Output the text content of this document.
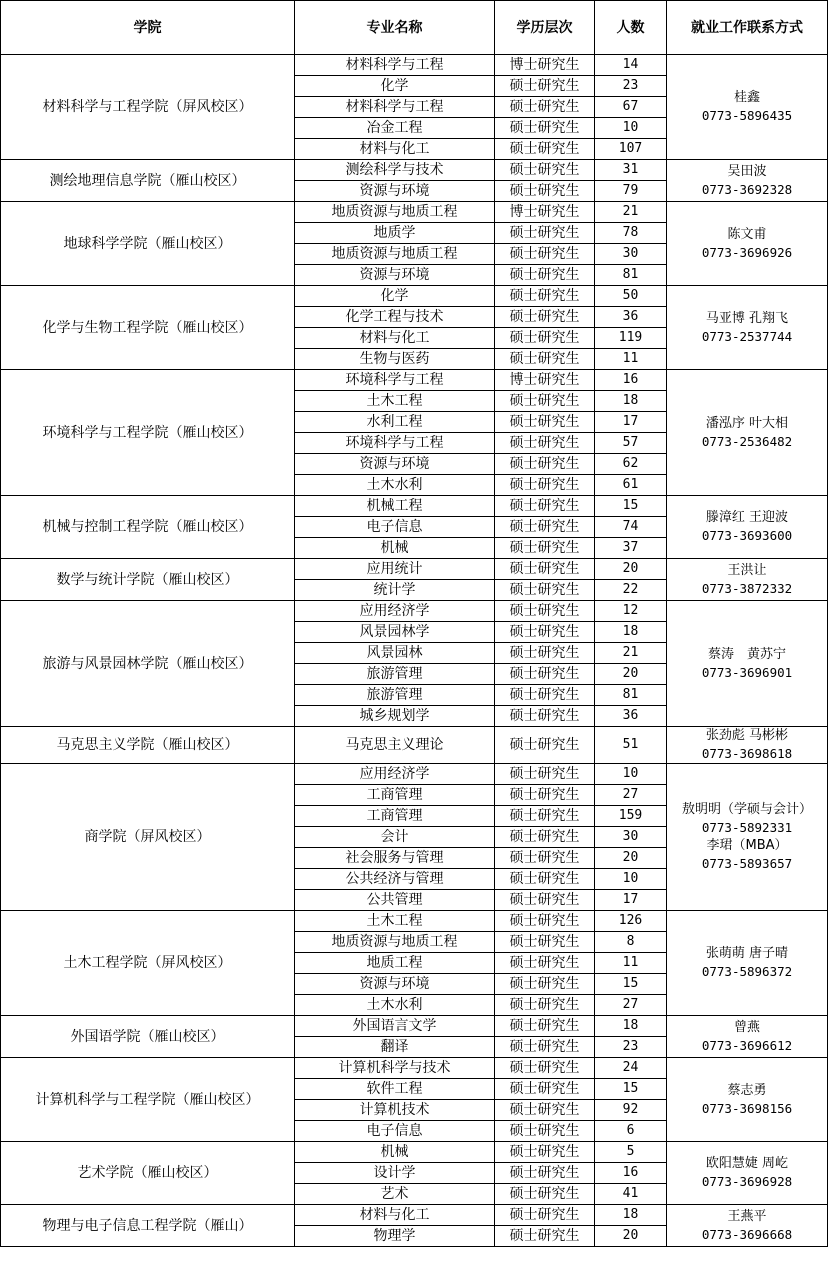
学院	专业名称	学历层次	人数	就业工作联系方式
材料科学与工程学院（屏风校区）	材料科学与工程	博士研究生	14	桂鑫
0773-5896435

	化学	硕士研究生	23	
	材料科学与工程	硕士研究生	67	
	冶金工程	硕士研究生	10	
	材料与化工	硕士研究生	107	
测绘地理信息学院（雁山校区）	测绘科学与技术	硕士研究生	31	吴田波
0773-3692328

	资源与环境	硕士研究生	79	
地球科学学院（雁山校区）	地质资源与地质工程	博士研究生	21	陈文甫
0773-3696926

	地质学	硕士研究生	78	
	地质资源与地质工程	硕士研究生	30	
	资源与环境	硕士研究生	81	
化学与生物工程学院（雁山校区）	化学	硕士研究生	50	马亚博 孔翔飞
0773-2537744

	化学工程与技术	硕士研究生	36	
	材料与化工	硕士研究生	119	
	生物与医药	硕士研究生	11	
环境科学与工程学院（雁山校区）	环境科学与工程	博士研究生	16	潘泓序 叶大相
0773-2536482

	土木工程	硕士研究生	18	
	水利工程	硕士研究生	17	
	环境科学与工程	硕士研究生	57	
	资源与环境	硕士研究生	62	
	土木水利	硕士研究生	61	
机械与控制工程学院（雁山校区）	机械工程	硕士研究生	15	滕漳红 王迎波
0773-3693600

	电子信息	硕士研究生	74	
	机械	硕士研究生	37	
数学与统计学院（雁山校区）	应用统计	硕士研究生	20	王洪让
0773-3872332

	统计学	硕士研究生	22	
旅游与风景园林学院（雁山校区）	应用经济学	硕士研究生	12	蔡涛　黄苏宁
0773-3696901

	风景园林学	硕士研究生	18	
	风景园林	硕士研究生	21	
	旅游管理	硕士研究生	20	
	旅游管理	硕士研究生	81	
	城乡规划学	硕士研究生	36	
马克思主义学院（雁山校区）	马克思主义理论	硕士研究生	51	张劲彪 马彬彬
0773-3698618

商学院（屏风校区）	应用经济学	硕士研究生	10	敖明明（学硕与会计）
0773-5892331
李珺（MBA）
0773-5893657

	工商管理	硕士研究生	27	
	工商管理	硕士研究生	159	
	会计	硕士研究生	30	
	社会服务与管理	硕士研究生	20	
	公共经济与管理	硕士研究生	10	
	公共管理	硕士研究生	17	
土木工程学院（屏风校区）	土木工程	硕士研究生	126	张萌萌 唐子晴
0773-5896372

	地质资源与地质工程	硕士研究生	8	
	地质工程	硕士研究生	11	
	资源与环境	硕士研究生	15	
	土木水利	硕士研究生	27	
外国语学院（雁山校区）	外国语言文学	硕士研究生	18	曾燕
0773-3696612

	翻译	硕士研究生	23	
计算机科学与工程学院（雁山校区）	计算机科学与技术	硕士研究生	24	蔡志勇
0773-3698156

	软件工程	硕士研究生	15	
	计算机技术	硕士研究生	92	
	电子信息	硕士研究生	6	
艺术学院（雁山校区）	机械	硕士研究生	5	欧阳慧婕 周屹
0773-3696928

	设计学	硕士研究生	16	
	艺术	硕士研究生	41	
物理与电子信息工程学院（雁山）	材料与化工	硕士研究生	18	王燕平
0773-3696668

	物理学	硕士研究生	20	
